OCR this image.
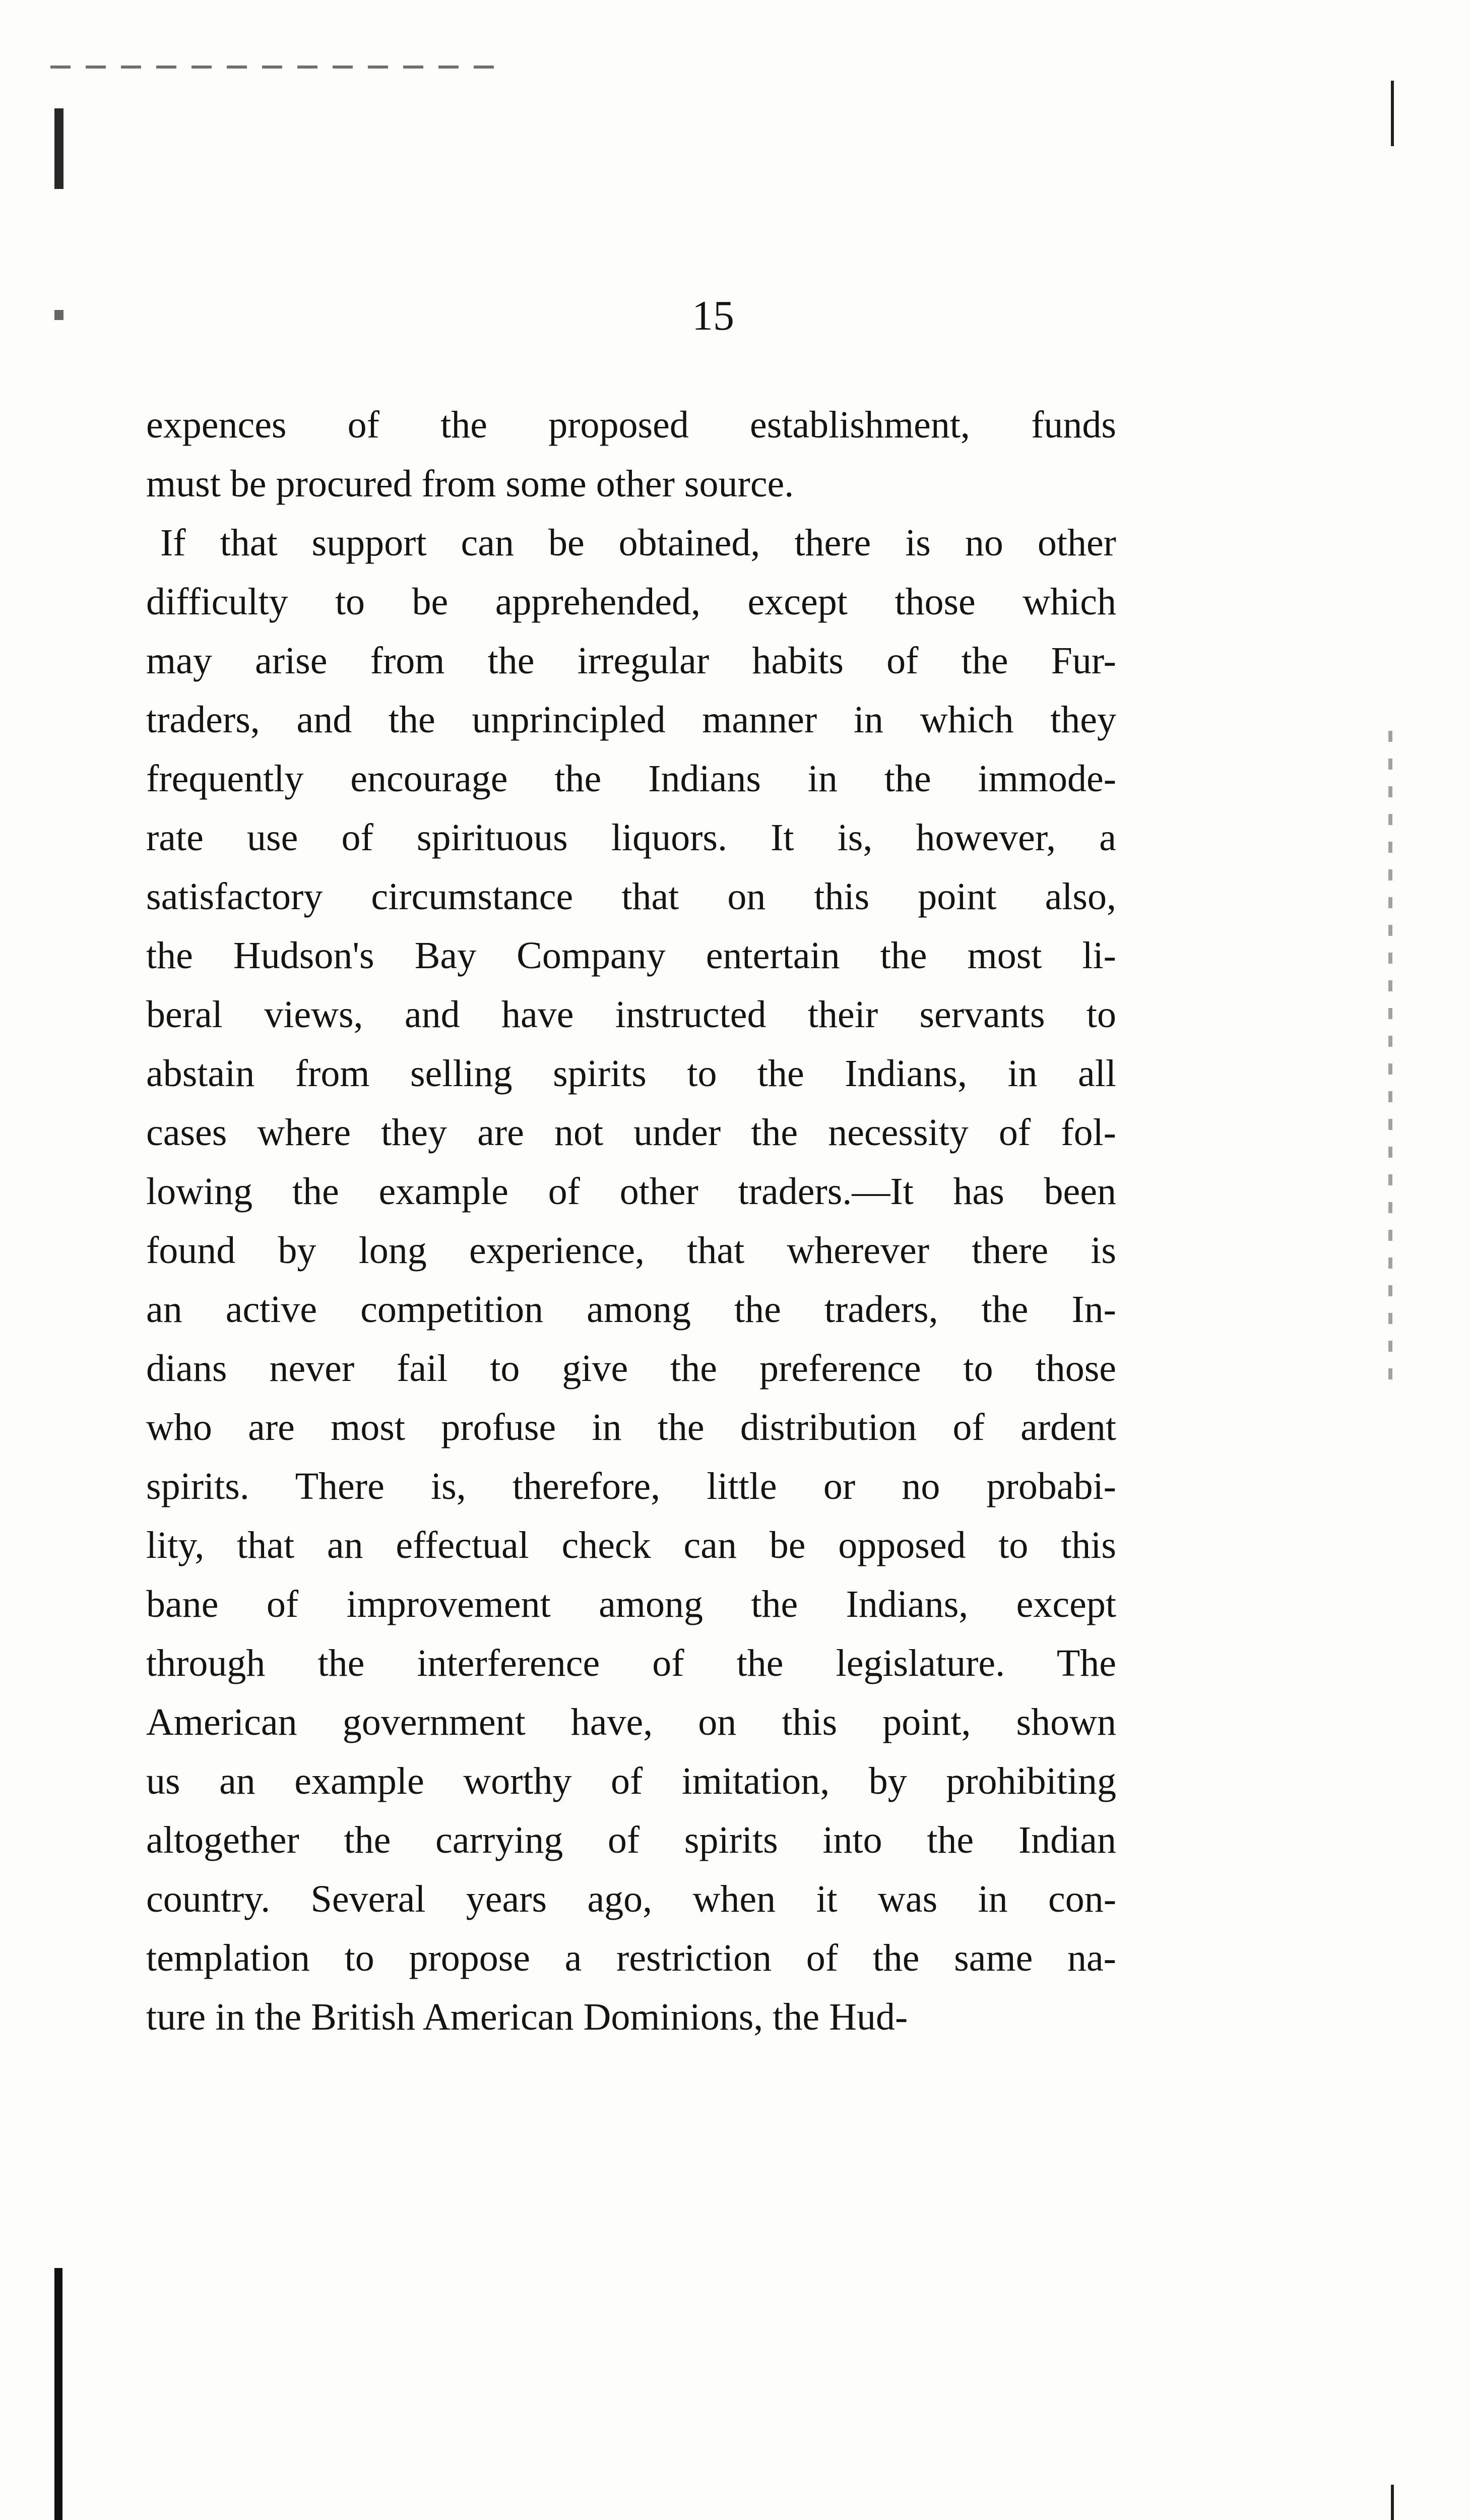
15
expences of the proposed establishment, funds
must be procured from some other source.
If that support can be obtained, there is no other
difficulty to be apprehended, except those which
may arise from the irregular habits of the Fur-
traders, and the unprincipled manner in which they
frequently encourage the Indians in the immode-
rate use of spirituous liquors. It is, however, a
satisfactory circumstance that on this point also,
the Hudson's Bay Company entertain the most li-
beral views, and have instructed their servants to
abstain from selling spirits to the Indians, in all
cases where they are not under the necessity of fol-
lowing the example of other traders.—It has been
found by long experience, that wherever there is
an active competition among the traders, the In-
dians never fail to give the preference to those
who are most profuse in the distribution of ardent
spirits. There is, therefore, little or no probabi-
lity, that an effectual check can be opposed to this
bane of improvement among the Indians, except
through the interference of the legislature. The
American government have, on this point, shown
us an example worthy of imitation, by prohibiting
altogether the carrying of spirits into the Indian
country. Several years ago, when it was in con-
templation to propose a restriction of the same na-
ture in the British American Dominions, the Hud-
